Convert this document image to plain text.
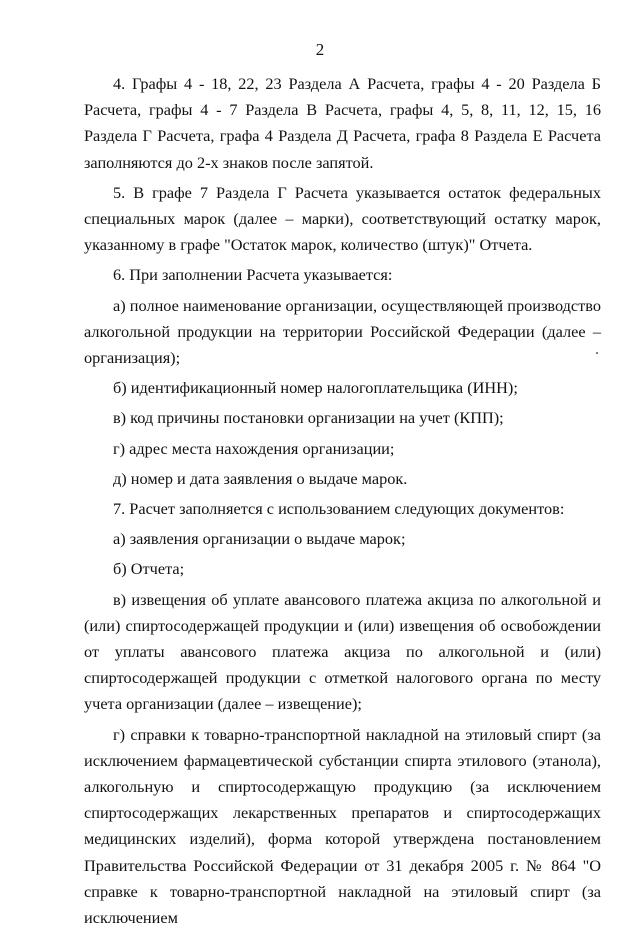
2

4. Графы 4 - 18, 22, 23 Раздела А Расчета, графы 4 - 20 Раздела Б Расчета, графы 4 - 7 Раздела В Расчета, графы 4, 5, 8, 11, 12, 15, 16 Раздела Г Расчета, графа 4 Раздела Д Расчета, графа 8 Раздела Е Расчета заполняются до 2-х знаков после запятой.

5. В графе 7 Раздела Г Расчета указывается остаток федеральных специальных марок (далее – марки), соответствующий остатку марок, указанному в графе "Остаток марок, количество (штук)" Отчета.

6. При заполнении Расчета указывается:

а) полное наименование организации, осуществляющей производство алкогольной продукции на территории Российской Федерации (далее – организация);

б) идентификационный номер налогоплательщика (ИНН);

в) код причины постановки организации на учет (КПП);

г) адрес места нахождения организации;

д) номер и дата заявления о выдаче марок.

7. Расчет заполняется с использованием следующих документов:

а) заявления организации о выдаче марок;

б) Отчета;

в) извещения об уплате авансового платежа акциза по алкогольной и (или) спиртосодержащей продукции и (или) извещения об освобождении от уплаты авансового платежа акциза по алкогольной и (или) спиртосодержащей продукции с отметкой налогового органа по месту учета организации (далее – извещение);

г) справки к товарно-транспортной накладной на этиловый спирт (за исключением фармацевтической субстанции спирта этилового (этанола), алкогольную и спиртосодержащую продукцию (за исключением спиртосодержащих лекарственных препаратов и спиртосодержащих медицинских изделий), форма которой утверждена постановлением Правительства Российской Федерации от 31 декабря 2005 г. № 864 "О справке к товарно-транспортной накладной на этиловый спирт (за исключением
